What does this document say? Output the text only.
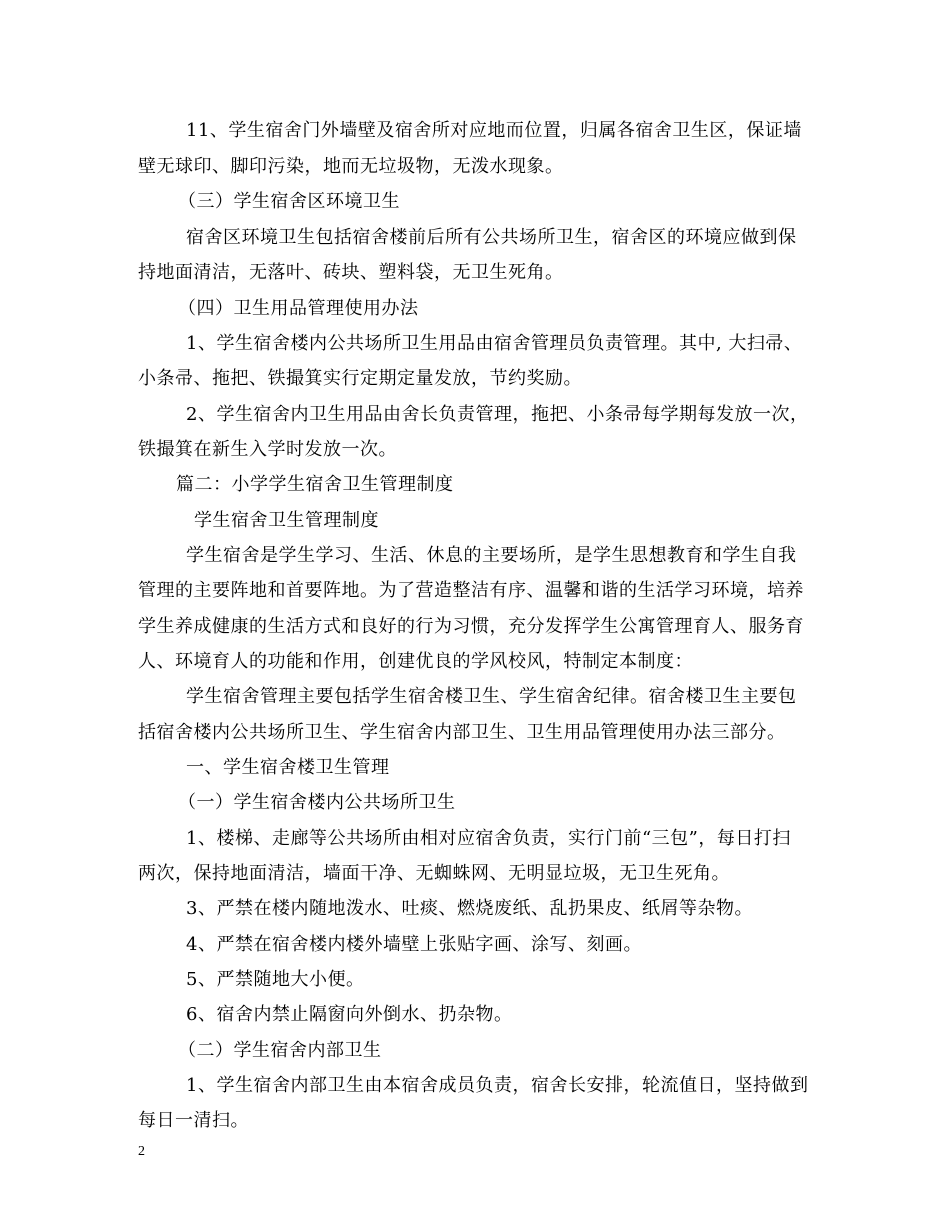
11、学生宿舍门外墙壁及宿舍所对应地而位置，归属各宿舍卫生区，保证墙
壁无球印、脚印污染，地而无垃圾物，无泼水现象。
（三）学生宿舍区环境卫生
宿舍区环境卫生包括宿舍楼前后所有公共场所卫生，宿舍区的环境应做到保
持地面清洁，无落叶、砖块、塑料袋，无卫生死角。
（四）卫生用品管理使用办法
1、学生宿舍楼内公共场所卫生用品由宿舍管理员负责管理。其中, 大扫帚、
小条帚、拖把、铁撮箕实行定期定量发放，节约奖励。
2、学生宿舍内卫生用品由舍长负责管理，拖把、小条帚每学期每发放一次，
铁撮箕在新生入学时发放一次。
篇二：小学学生宿舍卫生管理制度
学生宿舍卫生管理制度
学生宿舍是学生学习、生活、休息的主要场所，是学生思想教育和学生自我
管理的主要阵地和首要阵地。为了营造整洁有序、温馨和谐的生活学习环境，培养
学生养成健康的生活方式和良好的行为习惯，充分发挥学生公寓管理育人、服务育
人、环境育人的功能和作用，创建优良的学风校风，特制定本制度：
学生宿舍管理主要包括学生宿舍楼卫生、学生宿舍纪律。宿舍楼卫生主要包
括宿舍楼内公共场所卫生、学生宿舍内部卫生、卫生用品管理使用办法三部分。
一、学生宿舍楼卫生管理
（一）学生宿舍楼内公共场所卫生
1、楼梯、走廊等公共场所由相对应宿舍负责，实行门前“三包”，每日打扫
两次，保持地面清洁，墙面干净、无蜘蛛网、无明显垃圾，无卫生死角。
3、严禁在楼内随地泼水、吐痰、燃烧废纸、乱扔果皮、纸屑等杂物。
4、严禁在宿舍楼内楼外墙壁上张贴字画、涂写、刻画。
5、严禁随地大小便。
6、宿舍内禁止隔窗向外倒水、扔杂物。
（二）学生宿舍内部卫生
1、学生宿舍内部卫生由本宿舍成员负责，宿舍长安排，轮流值日，坚持做到
每日一清扫。
2
